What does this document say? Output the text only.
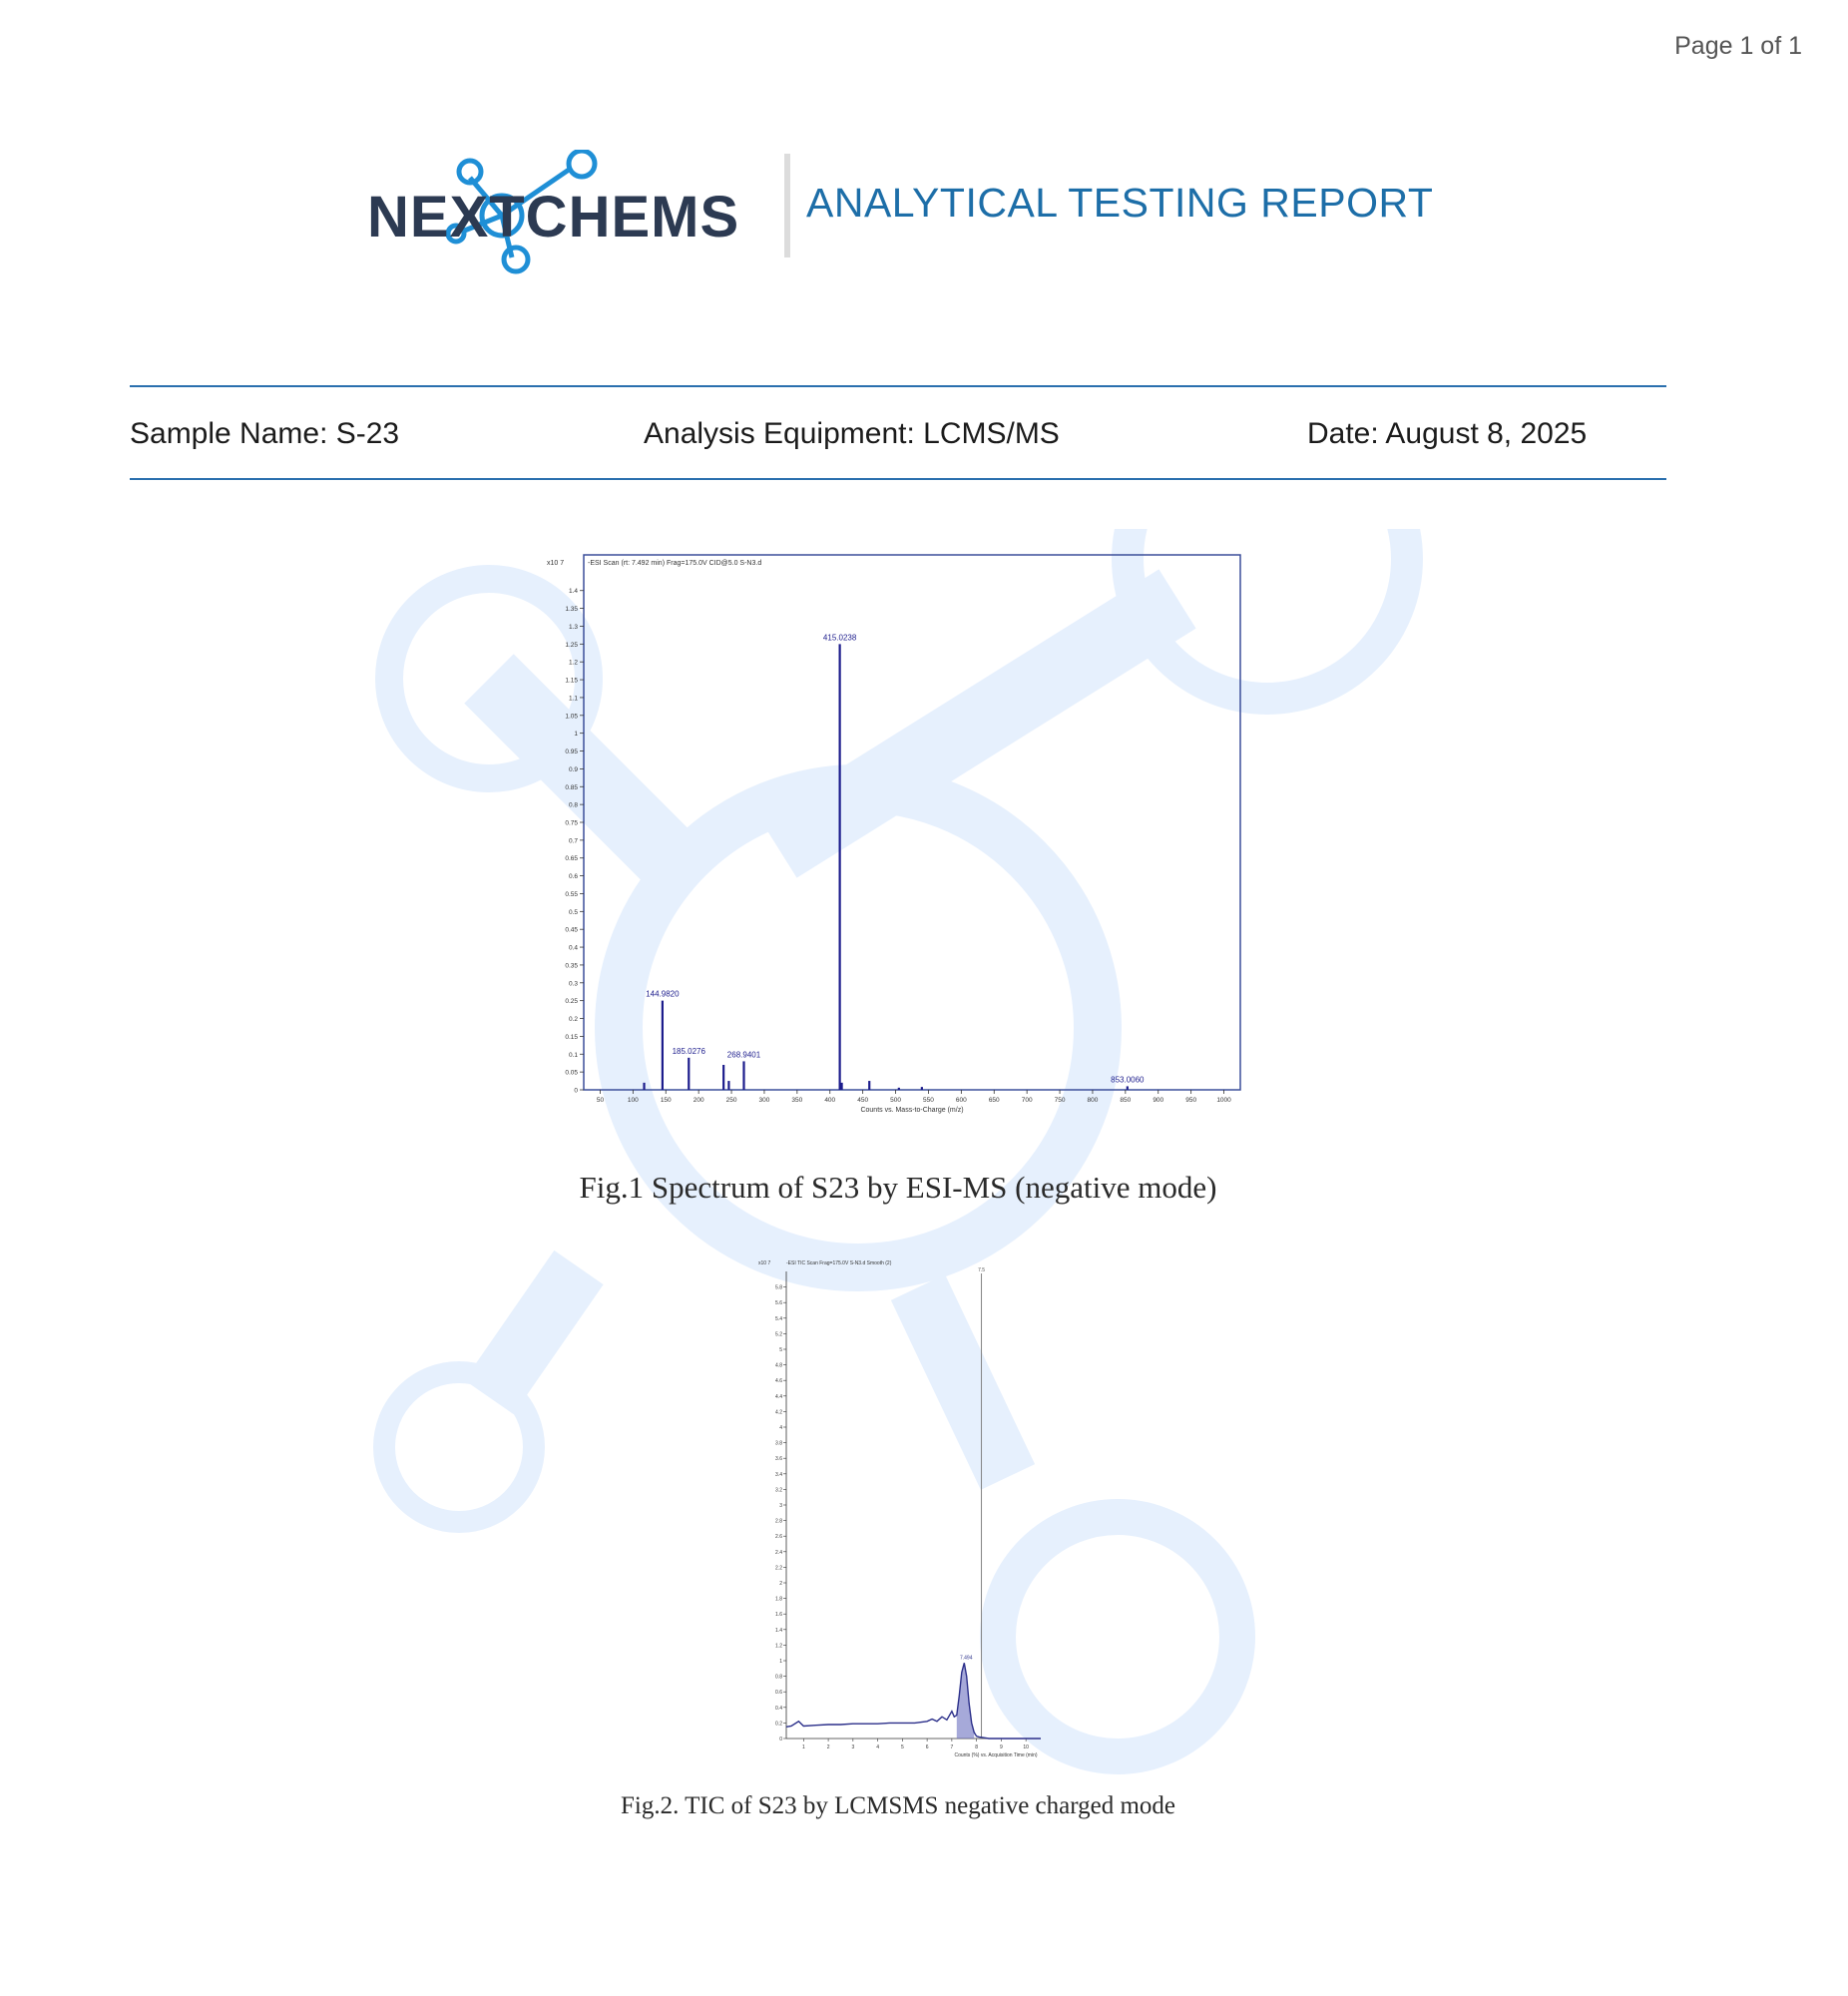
Page 1 of 1
NEXTCHEMS ANALYTICAL TESTING REPORT
Sample Name: S-23	Analysis Equipment: LCMS/MS	Date: August 8, 2025
x10 7	-ESI Scan (rt: 7.492 min) Frag=175.0V CID@5.0 S-N3.d
0
0.05
0.1
0.15
0.2
0.25
0.3
0.35
0.4
0.45
0.5
0.55
0.6
0.65
0.7
0.75
0.8
0.85
0.9
0.95
1
1.05
1.1
1.15
1.2
1.25
1.3
1.35
1.4
50	100	150	200	250	300	350	400	450	500	550	600	650	700	750	800	850	900	950	1000
Counts vs. Mass-to-Charge (m/z)
144.9820
185.0276	268.9401
415.0238
853.0060
Fig.1 Spectrum of S23 by ESI-MS (negative mode)
x10 7	-ESI TIC Scan Frag=175.0V S-N3.d Smooth (2)
0
0.2
0.4
0.6
0.8
1
1.2
1.4
1.6
1.8
2
2.2
2.4
2.6
2.8
3
3.2
3.4
3.6
3.8
4
4.2
4.4
4.6
4.8
5
5.2
5.4
5.6
5.8
1	2	3	4	5	6	7	8	9	10
Counts (%) vs. Acquisition Time (min)
7.5
7.494
Fig.2. TIC of S23 by LCMSMS negative charged mode
